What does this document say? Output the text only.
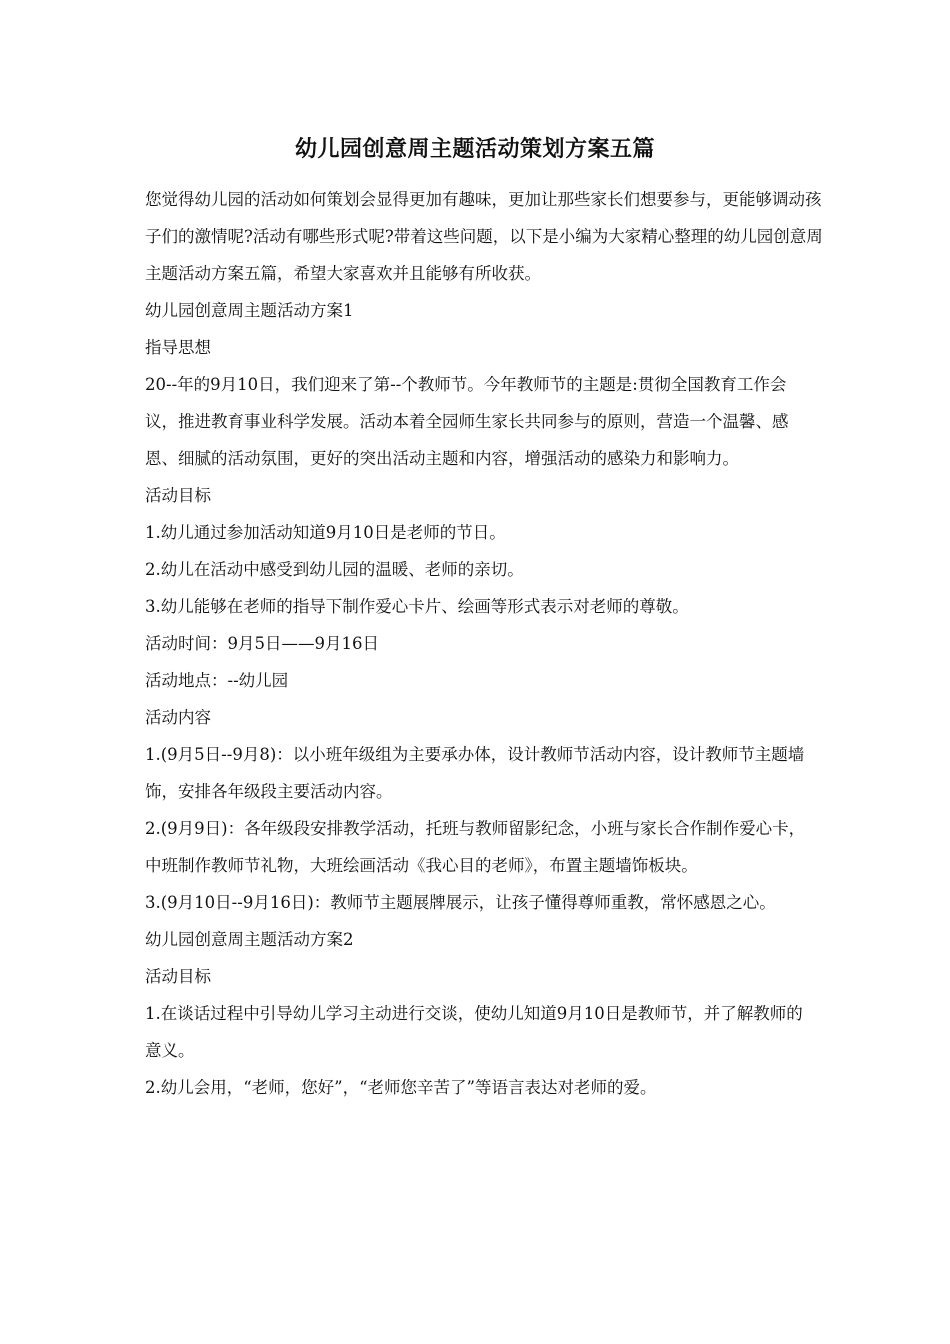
幼儿园创意周主题活动策划方案五篇

您觉得幼儿园的活动如何策划会显得更加有趣味，更加让那些家长们想要参与，更能够调动孩子们的激情呢?活动有哪些形式呢?带着这些问题，以下是小编为大家精心整理的幼儿园创意周主题活动方案五篇，希望大家喜欢并且能够有所收获。

幼儿园创意周主题活动方案1

指导思想

20--年的9月10日，我们迎来了第--个教师节。今年教师节的主题是:贯彻全国教育工作会议，推进教育事业科学发展。活动本着全园师生家长共同参与的原则，营造一个温馨、感恩、细腻的活动氛围，更好的突出活动主题和内容，增强活动的感染力和影响力。

活动目标

1.幼儿通过参加活动知道9月10日是老师的节日。

2.幼儿在活动中感受到幼儿园的温暖、老师的亲切。

3.幼儿能够在老师的指导下制作爱心卡片、绘画等形式表示对老师的尊敬。

活动时间：9月5日——9月16日

活动地点：--幼儿园

活动内容

1.(9月5日--9月8)：以小班年级组为主要承办体，设计教师节活动内容，设计教师节主题墙饰，安排各年级段主要活动内容。

2.(9月9日)：各年级段安排教学活动，托班与教师留影纪念，小班与家长合作制作爱心卡，中班制作教师节礼物，大班绘画活动《我心目的老师》，布置主题墙饰板块。

3.(9月10日--9月16日)：教师节主题展牌展示，让孩子懂得尊师重教，常怀感恩之心。

幼儿园创意周主题活动方案2

活动目标

1.在谈话过程中引导幼儿学习主动进行交谈，使幼儿知道9月10日是教师节，并了解教师的意义。

2.幼儿会用，“老师，您好”，“老师您辛苦了”等语言表达对老师的爱。
